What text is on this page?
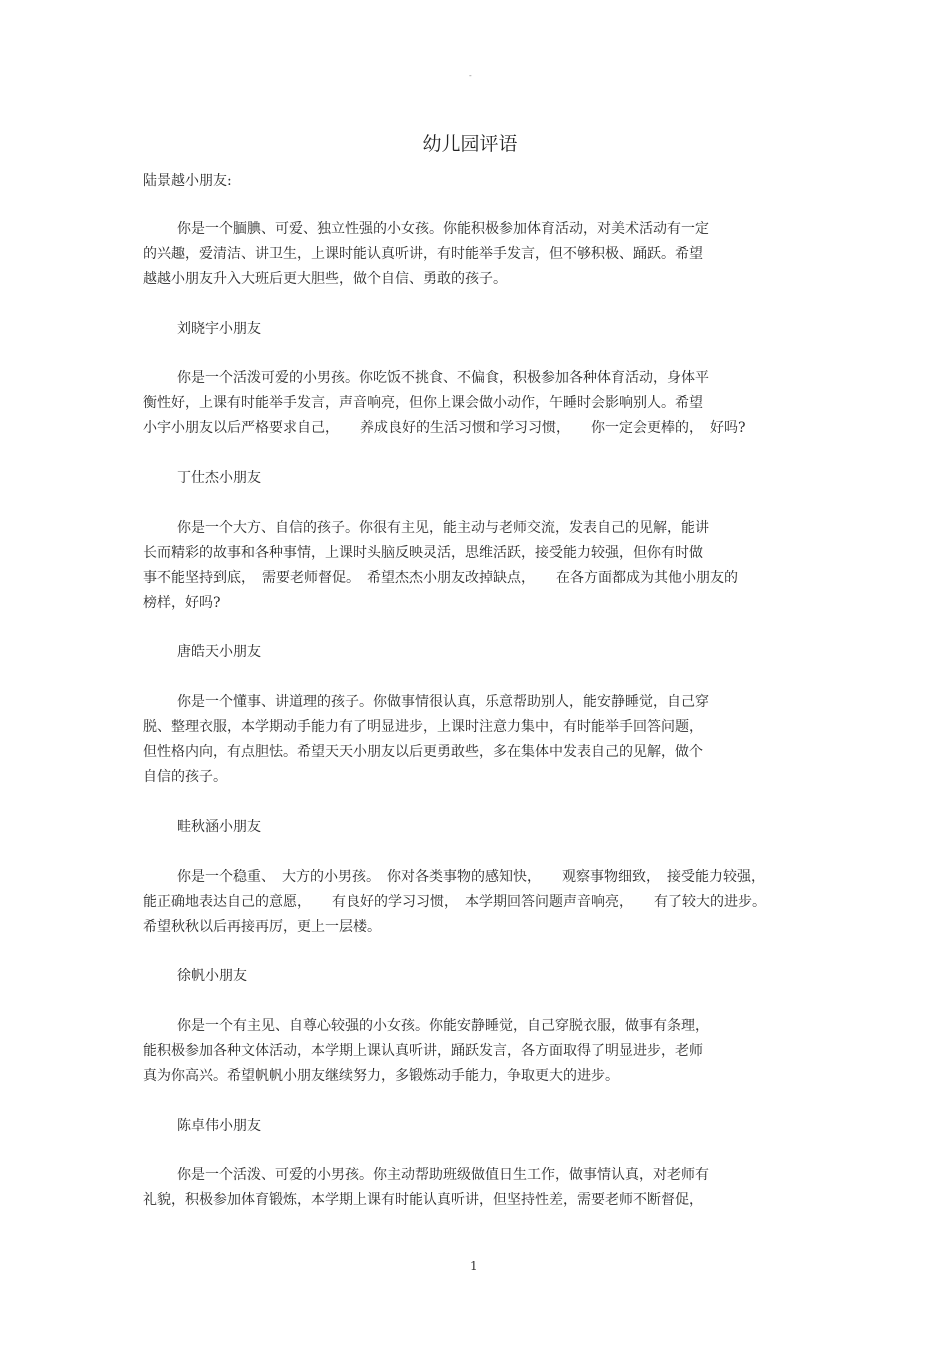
-
幼儿园评语
陆景越小朋友:
你是一个腼腆、可爱、独立性强的小女孩。你能积极参加体育活动，对美术活动有一定
的兴趣，爱清洁、讲卫生，上课时能认真听讲，有时能举手发言，但不够积极、踊跃。希望
越越小朋友升入大班后更大胆些，做个自信、勇敢的孩子。
刘晓宇小朋友
你是一个活泼可爱的小男孩。你吃饭不挑食、不偏食，积极参加各种体育活动，身体平
衡性好，上课有时能举手发言，声音响亮，但你上课会做小动作，午睡时会影响别人。希望
小宇小朋友以后严格要求自己，　　养成良好的生活习惯和学习习惯，　　你一定会更棒的，　好吗?
丁仕杰小朋友
你是一个大方、自信的孩子。你很有主见，能主动与老师交流，发表自己的见解，能讲
长而精彩的故事和各种事情，上课时头脑反映灵活，思维活跃，接受能力较强，但你有时做
事不能坚持到底，　需要老师督促。　希望杰杰小朋友改掉缺点，　　在各方面都成为其他小朋友的
榜样，好吗?
唐皓天小朋友
你是一个懂事、讲道理的孩子。你做事情很认真，乐意帮助别人，能安静睡觉，自己穿
脱、整理衣服，本学期动手能力有了明显进步，上课时注意力集中，有时能举手回答问题，
但性格内向，有点胆怯。希望天天小朋友以后更勇敢些，多在集体中发表自己的见解，做个
自信的孩子。
畦秋涵小朋友
你是一个稳重、　大方的小男孩。　你对各类事物的感知快，　　观察事物细致，　接受能力较强，
能正确地表达自己的意愿，　　有良好的学习习惯，　本学期回答问题声音响亮，　　有了较大的进步。
希望秋秋以后再接再厉，更上一层楼。
徐帆小朋友
你是一个有主见、自尊心较强的小女孩。你能安静睡觉，自己穿脱衣服，做事有条理，
能积极参加各种文体活动，本学期上课认真听讲，踊跃发言，各方面取得了明显进步，老师
真为你高兴。希望帆帆小朋友继续努力，多锻炼动手能力，争取更大的进步。
陈卓伟小朋友
你是一个活泼、可爱的小男孩。你主动帮助班级做值日生工作，做事情认真，对老师有
礼貌，积极参加体育锻炼，本学期上课有时能认真听讲，但坚持性差，需要老师不断督促，
1
